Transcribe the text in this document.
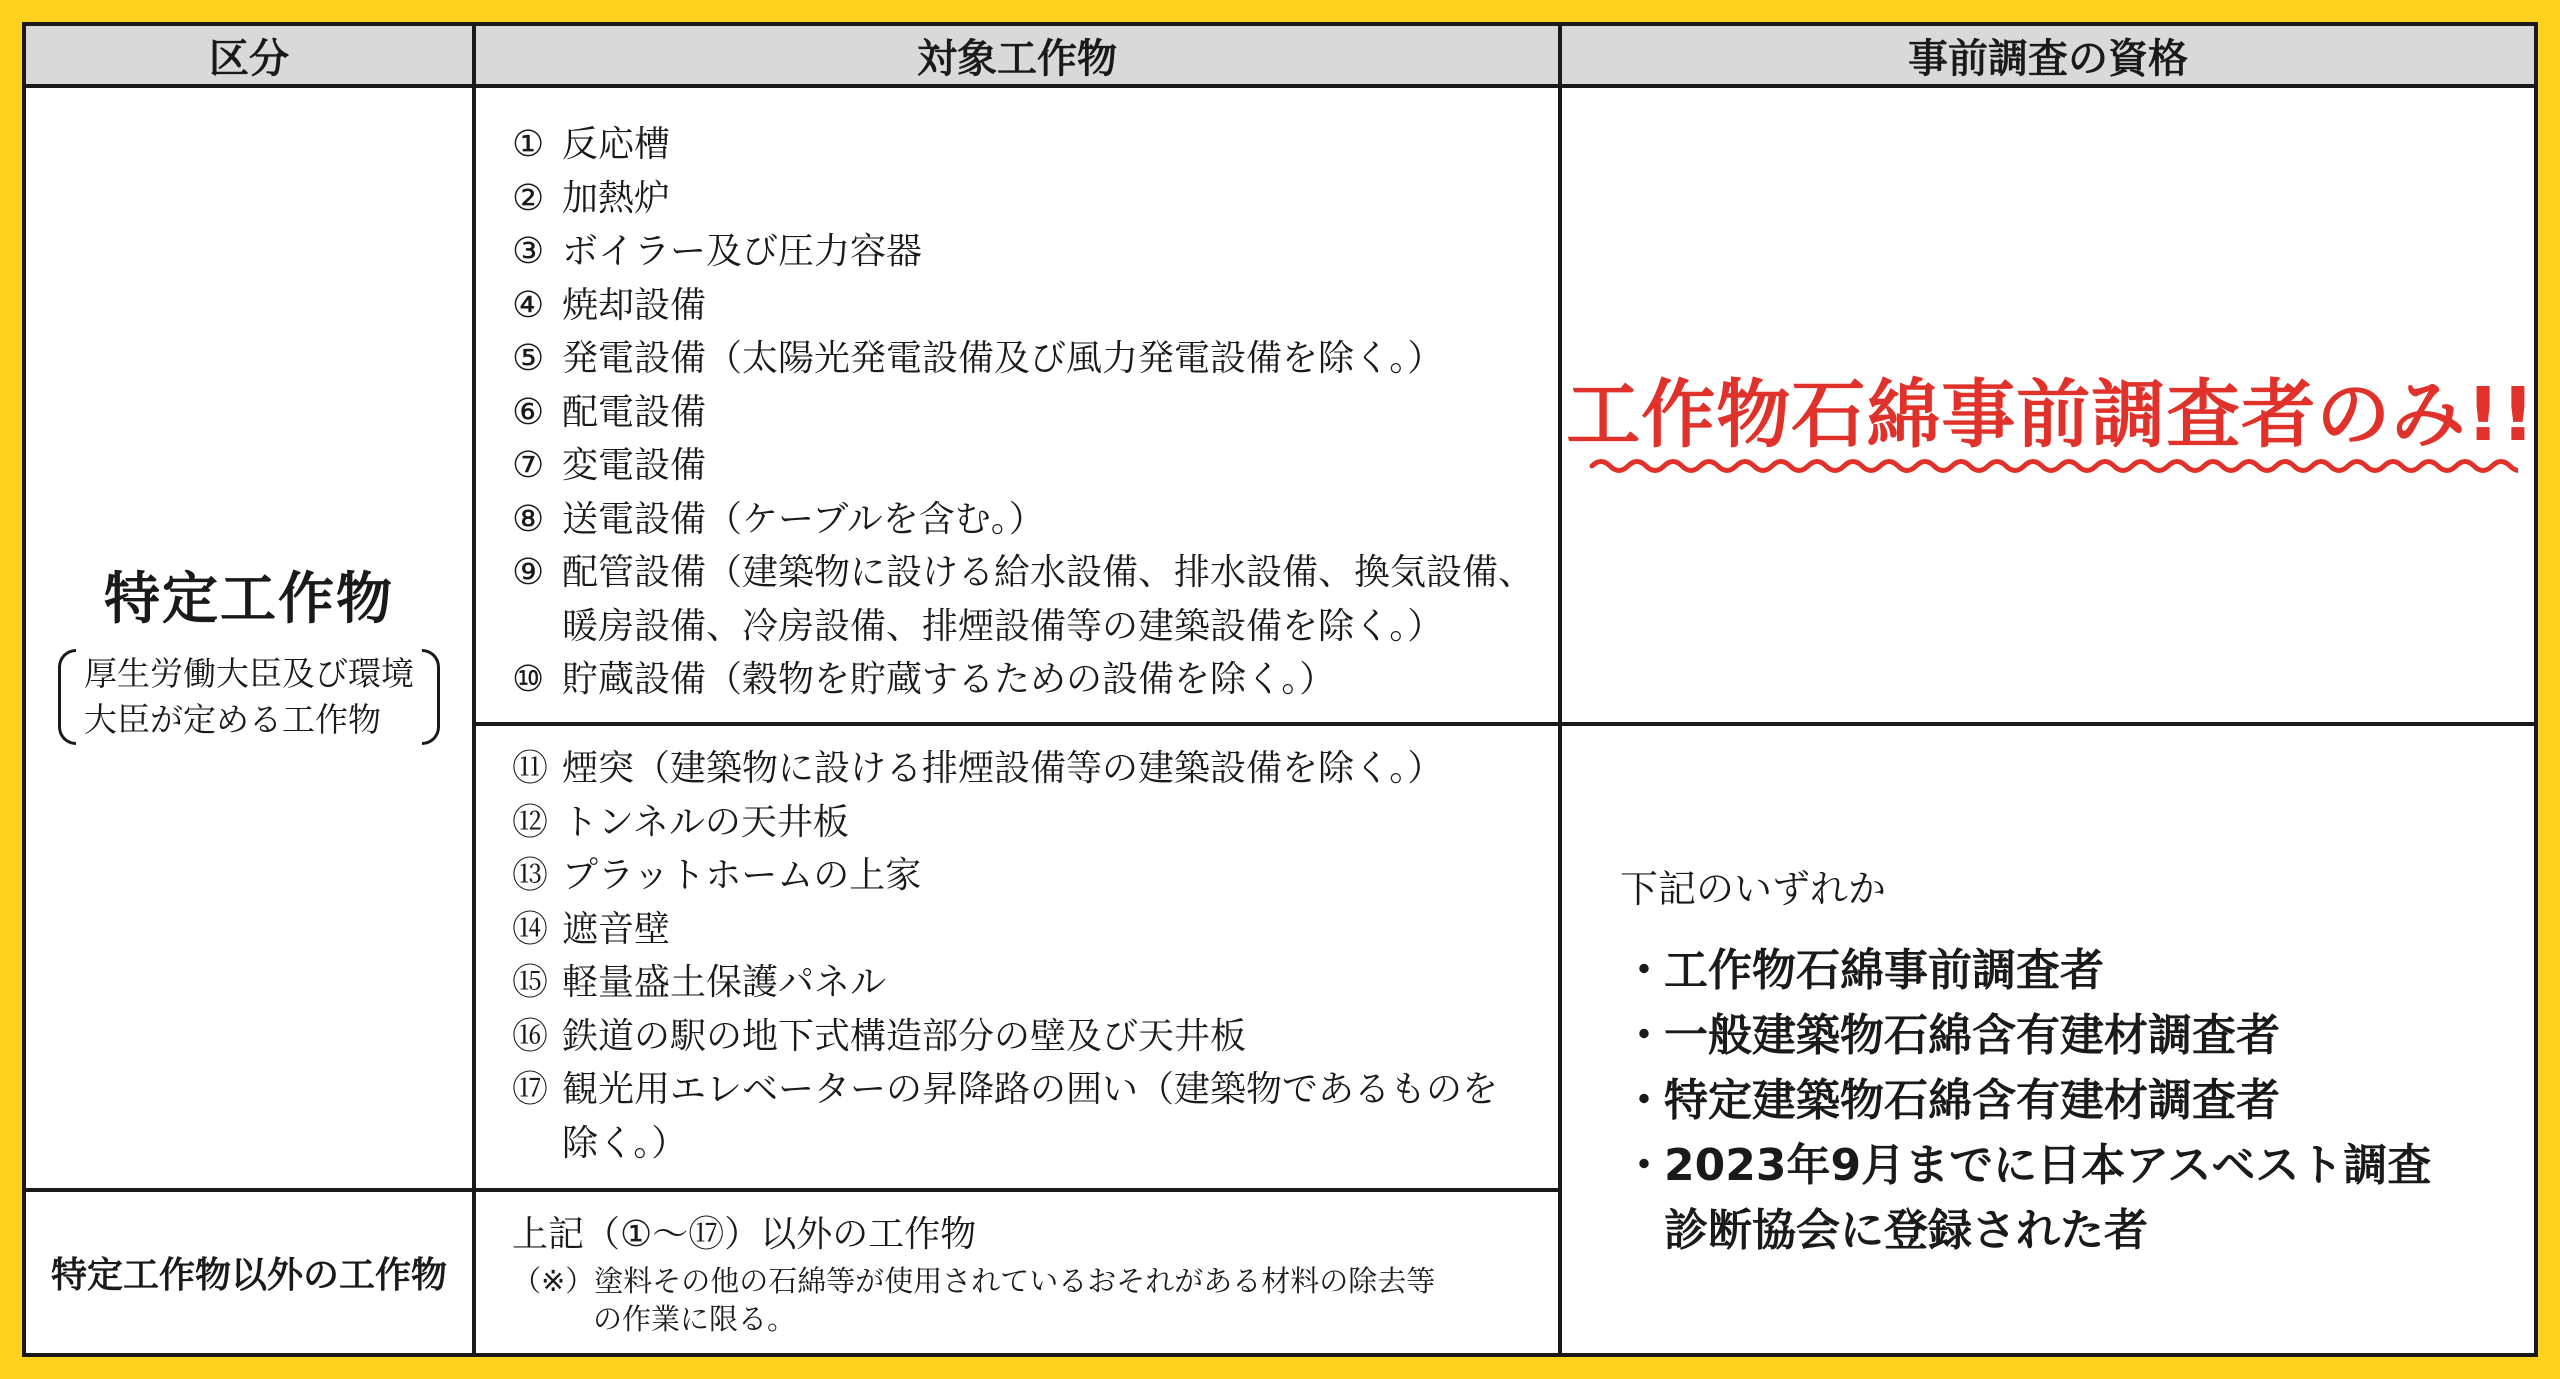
区分	対象工作物	事前調査の資格
特定工作物
厚生労働大臣及び環境
大臣が定める工作物
特定工作物以外の工作物
① 反応槽
② 加熱炉
③ ボイラー及び圧力容器
④ 焼却設備
⑤ 発電設備（太陽光発電設備及び風力発電設備を除く。）
⑥ 配電設備
⑦ 変電設備
⑧ 送電設備（ケーブルを含む。）
⑨ 配管設備（建築物に設ける給水設備、排水設備、換気設備、
暖房設備、冷房設備、排煙設備等の建築設備を除く。）
⑩ 貯蔵設備（穀物を貯蔵するための設備を除く。）
⑪ 煙突（建築物に設ける排煙設備等の建築設備を除く。）
⑫ トンネルの天井板
⑬ プラットホームの上家
⑭ 遮音壁
⑮ 軽量盛土保護パネル
⑯ 鉄道の駅の地下式構造部分の壁及び天井板
⑰ 観光用エレベーターの昇降路の囲い（建築物であるものを
除く。）
上記（①～⑰）以外の工作物
（※）塗料その他の石綿等が使用されているおそれがある材料の除去等
の作業に限る。
工作物石綿事前調査者のみ!!
下記のいずれか
・
工作物石綿事前調査者
・
一般建築物石綿含有建材調査者
・
特定建築物石綿含有建材調査者
・
2023年9月までに日本アスベスト調査
診断協会に登録された者
